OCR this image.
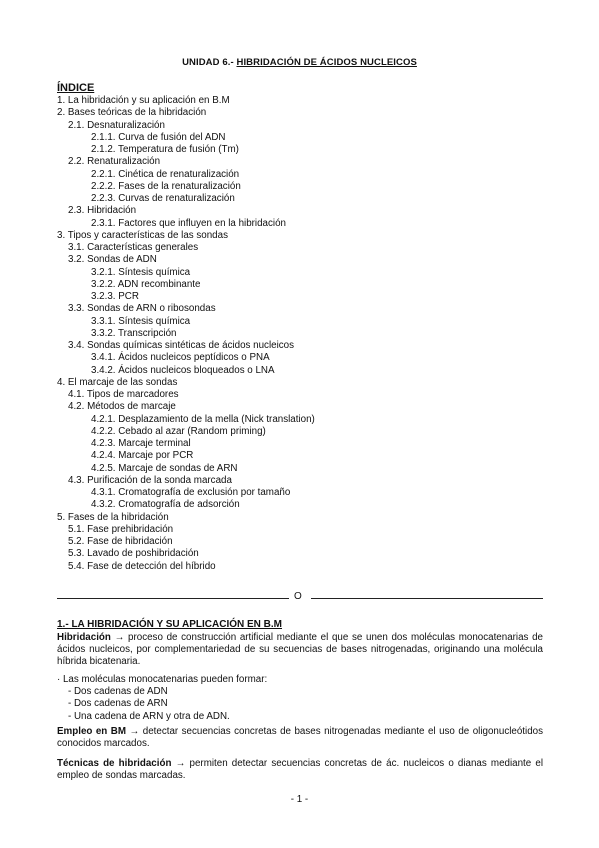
UNIDAD 6.- HIBRIDACIÓN DE ÁCIDOS NUCLEICOS
ÍNDICE
1. La hibridación y su aplicación en B.M
2. Bases teóricas de la hibridación
2.1. Desnaturalización
2.1.1. Curva de fusión del ADN
2.1.2. Temperatura de fusión (Tm)
2.2. Renaturalización
2.2.1. Cinética de renaturalización
2.2.2. Fases de la renaturalización
2.2.3. Curvas de renaturalización
2.3. Hibridación
2.3.1. Factores que influyen en la hibridación
3. Tipos y características de las sondas
3.1. Características generales
3.2. Sondas de ADN
3.2.1. Síntesis química
3.2.2. ADN recombinante
3.2.3. PCR
3.3. Sondas de ARN o ribosondas
3.3.1. Síntesis química
3.3.2. Transcripción
3.4. Sondas químicas sintéticas de ácidos nucleicos
3.4.1. Ácidos nucleicos peptídicos o PNA
3.4.2. Ácidos nucleicos bloqueados o LNA
4. El marcaje de las sondas
4.1. Tipos de marcadores
4.2. Métodos de marcaje
4.2.1. Desplazamiento de la mella (Nick translation)
4.2.2. Cebado al azar (Random priming)
4.2.3. Marcaje terminal
4.2.4. Marcaje por PCR
4.2.5. Marcaje de sondas de ARN
4.3. Purificación de la sonda marcada
4.3.1. Cromatografía de exclusión por tamaño
4.3.2. Cromatografía de adsorción
5. Fases de la hibridación
5.1. Fase prehibridación
5.2. Fase de hibridación
5.3. Lavado de poshibridación
5.4. Fase de detección del híbrido
O
1.- LA HIBRIDACIÓN Y SU APLICACIÓN EN B.M

Hibridación → proceso de construcción artificial mediante el que se unen dos moléculas monocatenarias de ácidos nucleicos, por complementariedad de su secuencias de bases nitrogenadas, originando una molécula híbrida bicatenaria.

· Las moléculas monocatenarias pueden formar:
- Dos cadenas de ADN
- Dos cadenas de ARN
- Una cadena de ARN y otra de ADN.

Empleo en BM → detectar secuencias concretas de bases nitrogenadas mediante el uso de oligonucleótidos conocidos marcados.

Técnicas de hibridación → permiten detectar secuencias concretas de ác. nucleicos o dianas mediante el empleo de sondas marcadas.

- 1 -
